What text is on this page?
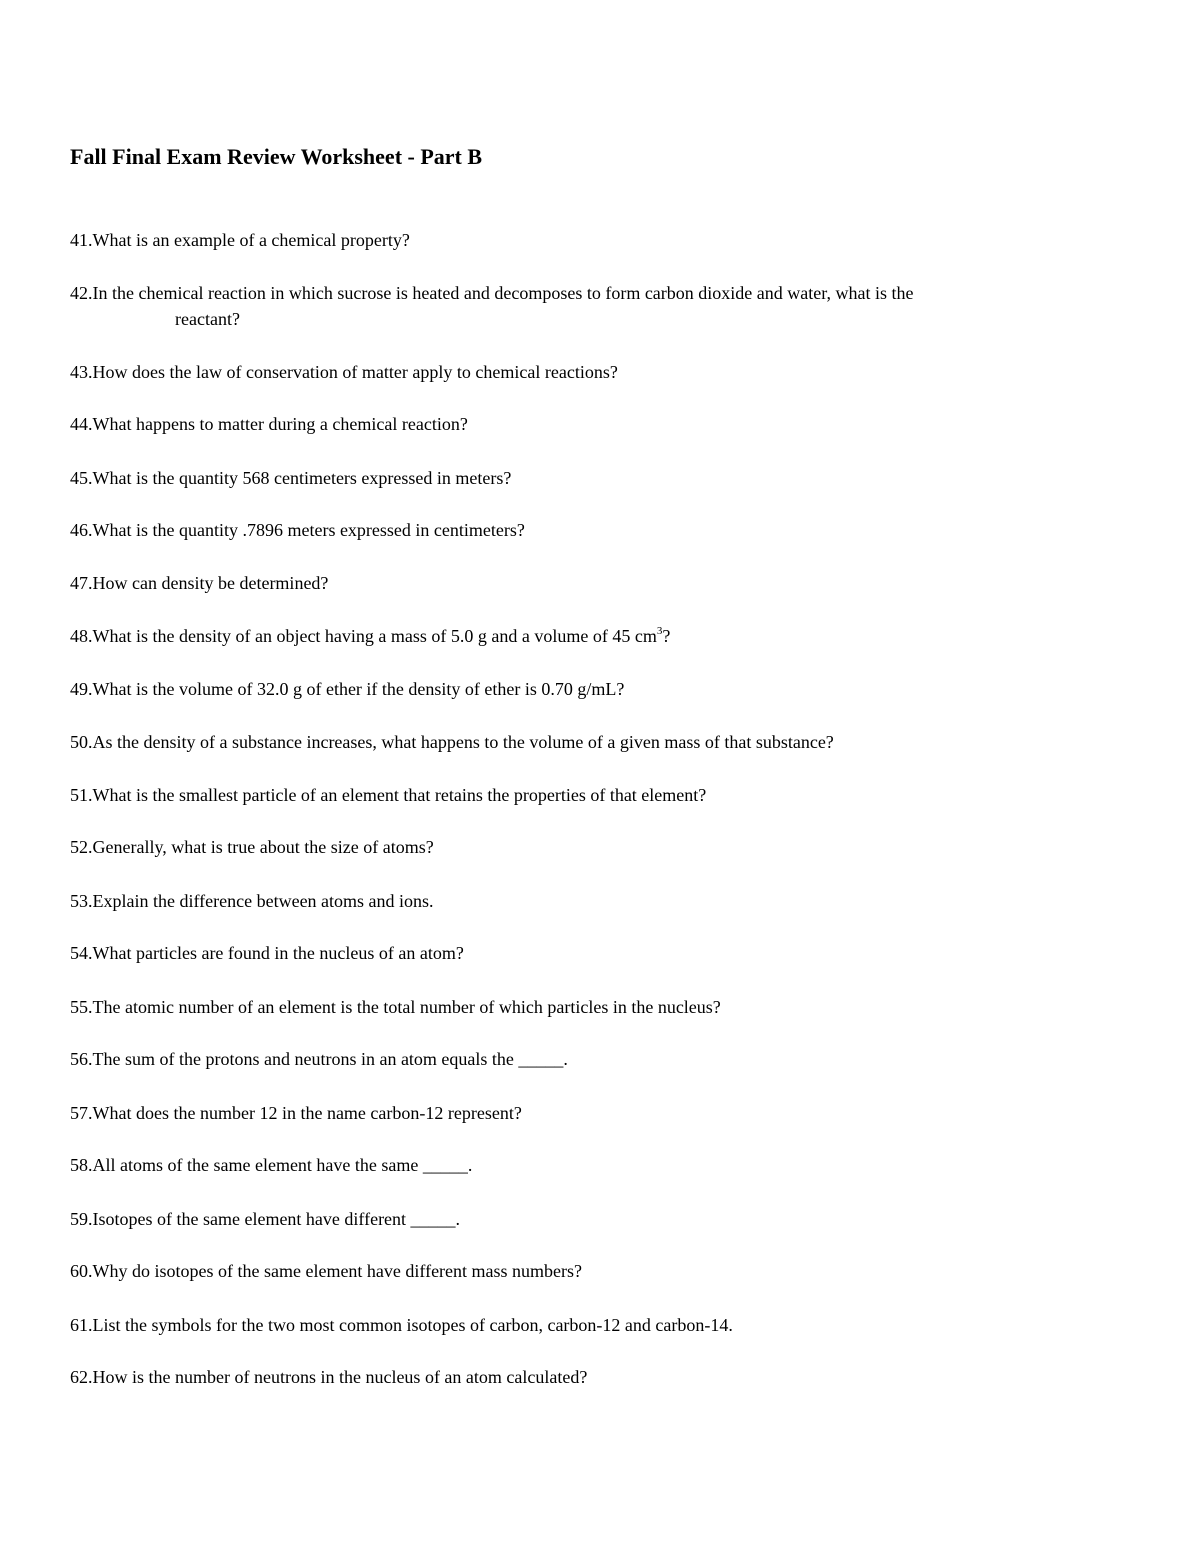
Fall Final Exam Review Worksheet - Part B
41.What is an example of a chemical property?
42.In the chemical reaction in which sucrose is heated and decomposes to form carbon dioxide and water, what is the
reactant?
43.How does the law of conservation of matter apply to chemical reactions?
44.What happens to matter during a chemical reaction?
45.What is the quantity 568 centimeters expressed in meters?
46.What is the quantity .7896 meters expressed in centimeters?
47.How can density be determined?
48.What is the density of an object having a mass of 5.0 g and a volume of 45 $cm^3$?
49.What is the volume of 32.0 g of ether if the density of ether is 0.70 g/mL?
50.As the density of a substance increases, what happens to the volume of a given mass of that substance?
51.What is the smallest particle of an element that retains the properties of that element?
52.Generally, what is true about the size of atoms?
53.Explain the difference between atoms and ions.
54.What particles are found in the nucleus of an atom?
55.The atomic number of an element is the total number of which particles in the nucleus?
56.The sum of the protons and neutrons in an atom equals the _____.
57.What does the number 12 in the name carbon-12 represent?
58.All atoms of the same element have the same _____.
59.Isotopes of the same element have different _____.
60.Why do isotopes of the same element have different mass numbers?
61.List the symbols for the two most common isotopes of carbon, carbon-12 and carbon-14.
62.How is the number of neutrons in the nucleus of an atom calculated?
